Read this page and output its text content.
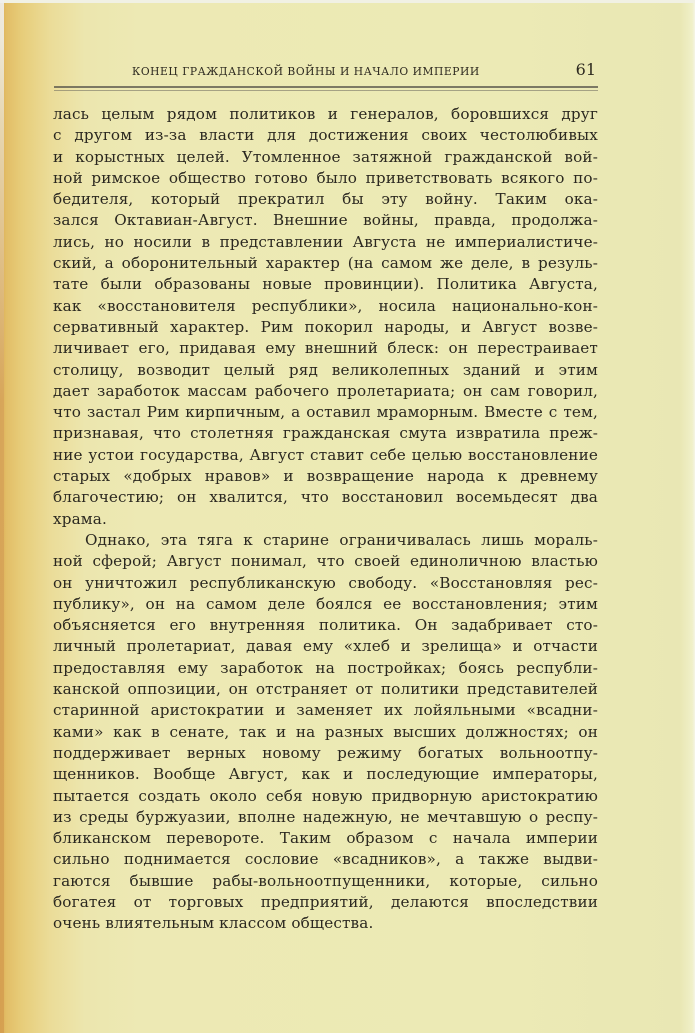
КОНЕЦ ГРАЖДАНСКОЙ ВОЙНЫ И НАЧАЛО ИМПЕРИИ	61
лась целым рядом политиков и генералов, боровшихся друг
с другом из-за власти для достижения своих честолюбивых
и корыстных целей. Утомленное затяжной гражданской вой-
ной римское общество готово было приветствовать всякого по-
бедителя, который прекратил бы эту войну. Таким ока-
зался Октавиан-Август. Внешние войны, правда, продолжа-
лись, но носили в представлении Августа не империалистиче-
ский, а оборонительный характер (на самом же деле, в резуль-
тате были образованы новые провинции). Политика Августа,
как «восстановителя республики», носила национально-кон-
сервативный характер. Рим покорил народы, и Август возве-
личивает его, придавая ему внешний блеск: он перестраивает
столицу, возводит целый ряд великолепных зданий и этим
дает заработок массам рабочего пролетариата; он сам говорил,
что застал Рим кирпичным, а оставил мраморным. Вместе с тем,
признавая, что столетняя гражданская смута извратила преж-
ние устои государства, Август ставит себе целью восстановление
старых «добрых нравов» и возвращение народа к древнему
благочестию; он хвалится, что восстановил восемьдесят два
храма.
Однако, эта тяга к старине ограничивалась лишь мораль-
ной сферой; Август понимал, что своей единоличною властью
он уничтожил республиканскую свободу. «Восстановляя рес-
публику», он на самом деле боялся ее восстановления; этим
объясняется его внутренняя политика. Он задабривает сто-
личный пролетариат, давая ему «хлеб и зрелища» и отчасти
предоставляя ему заработок на постройках; боясь республи-
канской оппозиции, он отстраняет от политики представителей
старинной аристократии и заменяет их лойяльными «всадни-
ками» как в сенате, так и на разных высших должностях; он
поддерживает верных новому режиму богатых вольноотпу-
щенников. Вообще Август, как и последующие императоры,
пытается создать около себя новую придворную аристократию
из среды буржуазии, вполне надежную, не мечтавшую о респу-
бликанском перевороте. Таким образом с начала империи
сильно поднимается сословие «всадников», а также выдви-
гаются бывшие рабы-вольноотпущенники, которые, сильно
богатея от торговых предприятий, делаются впоследствии
очень влиятельным классом общества.
